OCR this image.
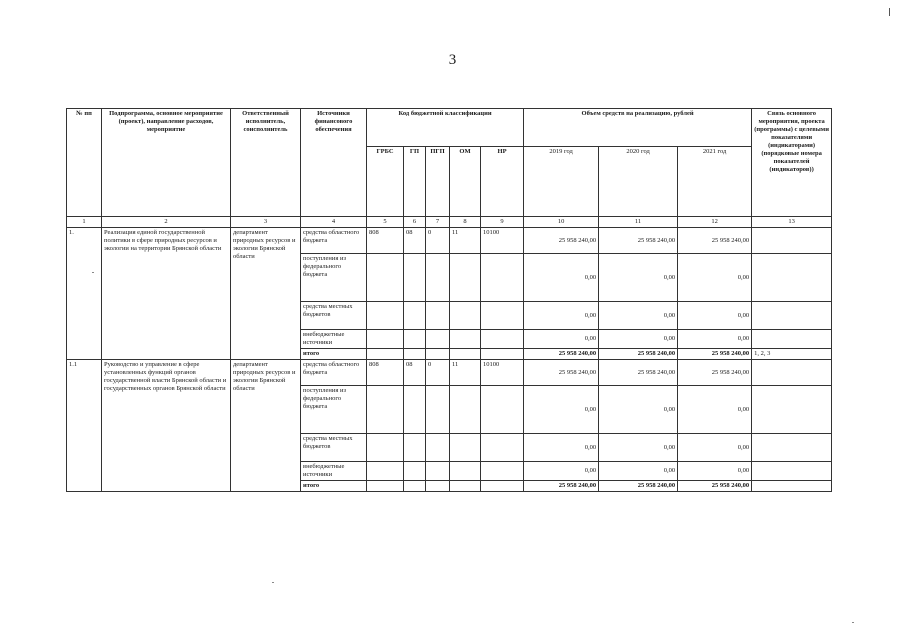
3
№ пп	Подпрограмма, основное мероприятие (проект), направление расходов, мероприятие	Ответственный исполнитель, соисполнитель	Источники финансового обеспечения	Код бюджетной классификации					Объем средств на реализацию, рублей			Связь основного мероприятия, проекта (программы) с целевыми показателями (индикаторами) (порядковые номера показателей (индикаторов))
				ГРБС	ГП	ПГП	ОМ	НР	2019 год	2020 год	2021 год	
1	2	3	4	5	6	7	8	9	10	11	12	13
1.	Реализация единой государственной политики в сфере природных ресурсов и экологии на территории Брянской области	департамент природных ресурсов и экологии Брянской области	средства областного бюджета	808	08	0	11	10100	25 958 240,00	25 958 240,00	25 958 240,00	
			поступления из федерального бюджета						0,00	0,00	0,00	
			средства местных бюджетов						0,00	0,00	0,00	
			внебюджетные источники						0,00	0,00	0,00	
			итого						25 958 240,00	25 958 240,00	25 958 240,00	1, 2, 3
1.1	Руководство и управление в сфере установленных функций органов государственной власти Брянской области и государственных органов Брянской области	департамент природных ресурсов и экологии Брянской области	средства областного бюджета	808	08	0	11	10100	25 958 240,00	25 958 240,00	25 958 240,00	
			поступления из федерального бюджета						0,00	0,00	0,00	
			средства местных бюджетов						0,00	0,00	0,00	
			внебюджетные источники						0,00	0,00	0,00	
			итого						25 958 240,00	25 958 240,00	25 958 240,00	
